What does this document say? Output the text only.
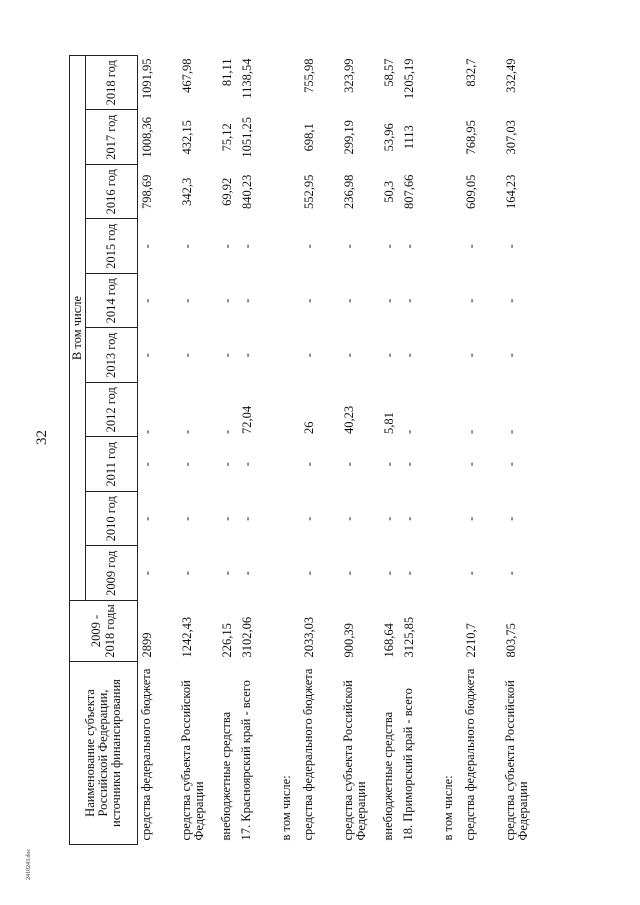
32
2410243.doc
Наименование субъекта Российской Федерации, источники финансирования	2009 - 2018 годы	В том числе									
		2009 год	2010 год	2011 год	2012 год	2013 год	2014 год	2015 год	2016 год	2017 год	2018 год
средства федерального бюджета	2899	-	-	-	-	-	-	-	798,69	1008,36	1091,95
средства субъекта Российской Федерации	1242,43	-	-	-	-	-	-	-	342,3	432,15	467,98
внебюджетные средства	226,15	-	-	-	-	-	-	-	69,92	75,12	81,11
17. Красноярский край - всего	3102,06	-	-	-	72,04	-	-	-	840,23	1051,25	1138,54
в том числе:											
средства федерального бюджета	2033,03	-	-	-	26	-	-	-	552,95	698,1	755,98
средства субъекта Российской Федерации	900,39	-	-	-	40,23	-	-	-	236,98	299,19	323,99
внебюджетные средства	168,64	-	-	-	5,81	-	-	-	50,3	53,96	58,57
18. Приморский край - всего	3125,85	-	-	-	-	-	-	-	807,66	1113	1205,19
в том числе:											
средства федерального бюджета	2210,7	-	-	-	-	-	-	-	609,05	768,95	832,7
средства субъекта Российской Федерации	803,75	-	-	-	-	-	-	-	164,23	307,03	332,49
